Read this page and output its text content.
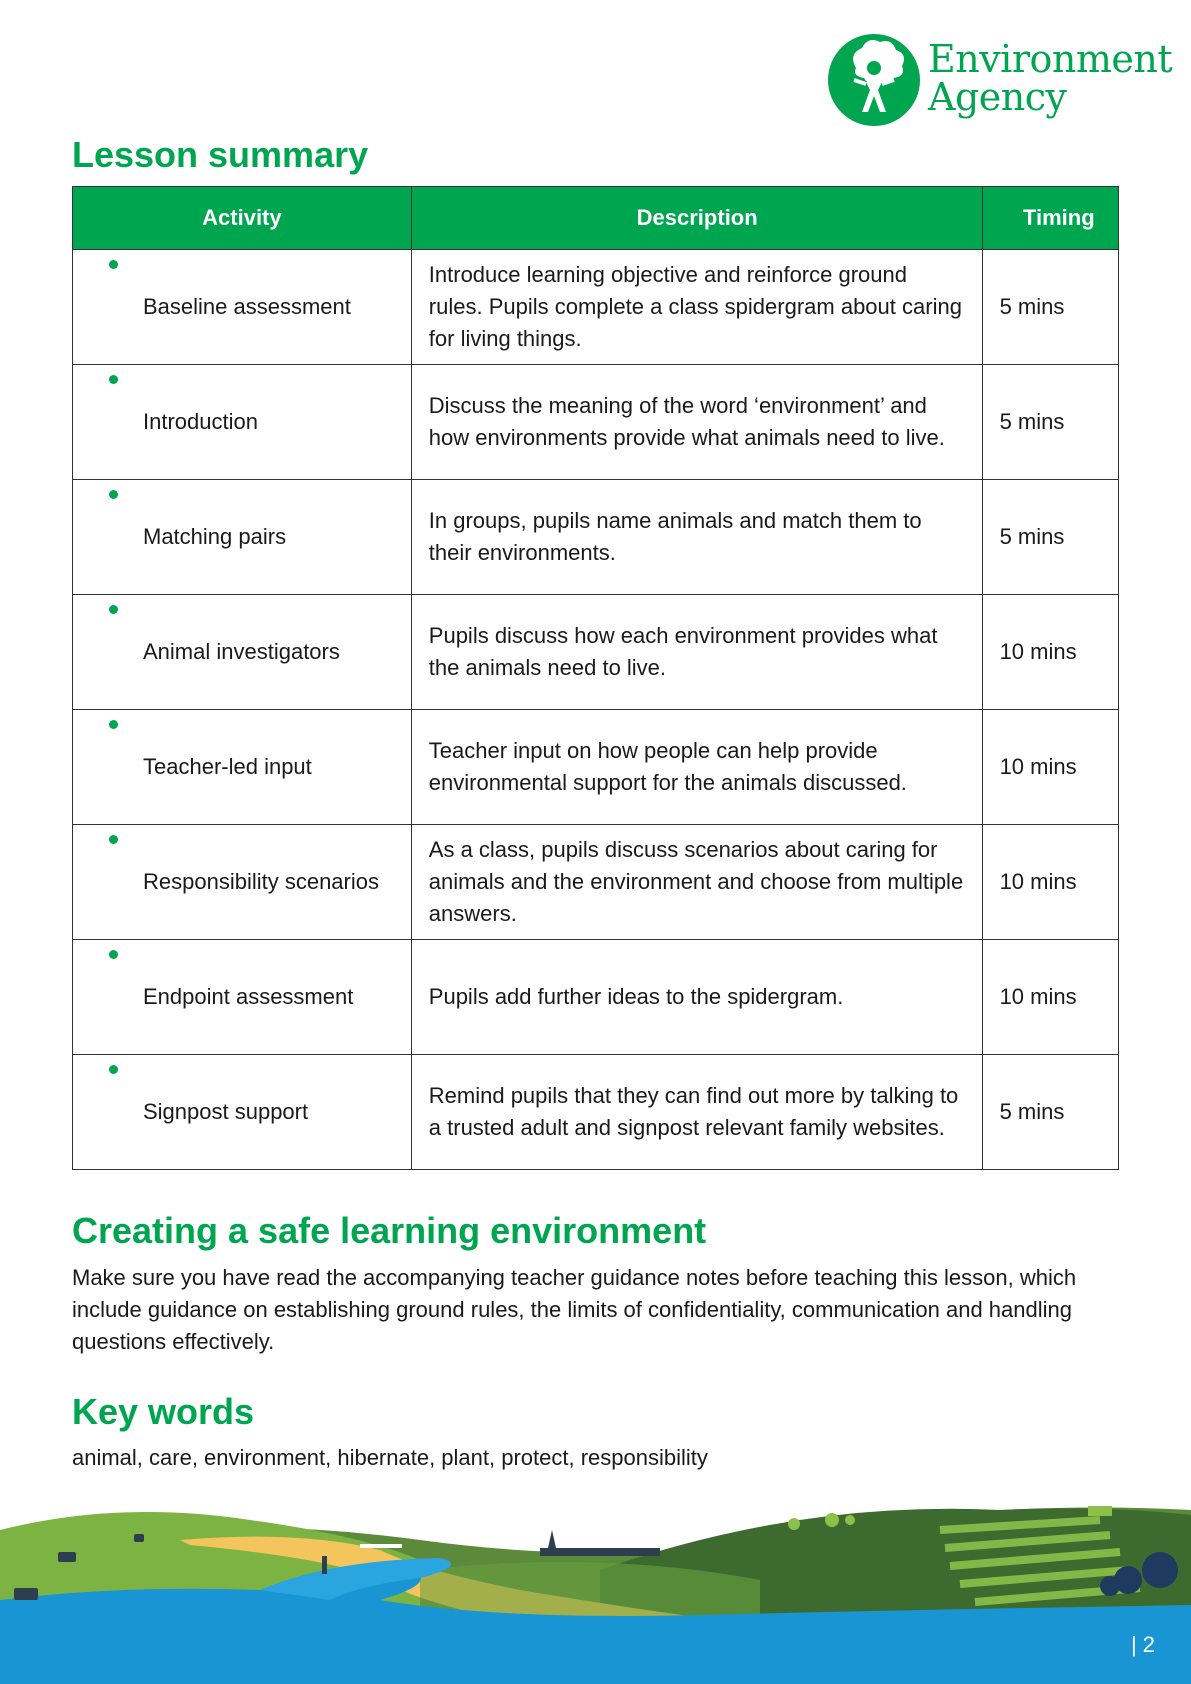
Environment
Agency
Lesson summary
Activity	Description	Timing

Baseline assessment	Introduce learning objective and reinforce ground rules. Pupils complete a class spidergram about caring for living things.	5 mins

Introduction	Discuss the meaning of the word ‘environment’ and how environments provide what animals need to live.	5 mins

Matching pairs	In groups, pupils name animals and match them to their environments.	5 mins

Animal investigators	Pupils discuss how each environment provides what the animals need to live.	10 mins

Teacher-led input	Teacher input on how people can help provide environmental support for the animals discussed.	10 mins

Responsibility scenarios	As a class, pupils discuss scenarios about caring for animals and the environment and choose from multiple answers.	10 mins

Endpoint assessment	Pupils add further ideas to the spidergram.	10 mins

Signpost support	Remind pupils that they can find out more by talking to a trusted adult and signpost relevant family websites.	5 mins
Creating a safe learning environment

Make sure you have read the accompanying teacher guidance notes before teaching this lesson, which include guidance on establishing ground rules, the limits of confidentiality, communication and handling questions effectively.

Key words

animal, care, environment, hibernate, plant, protect, responsibility

| 2
